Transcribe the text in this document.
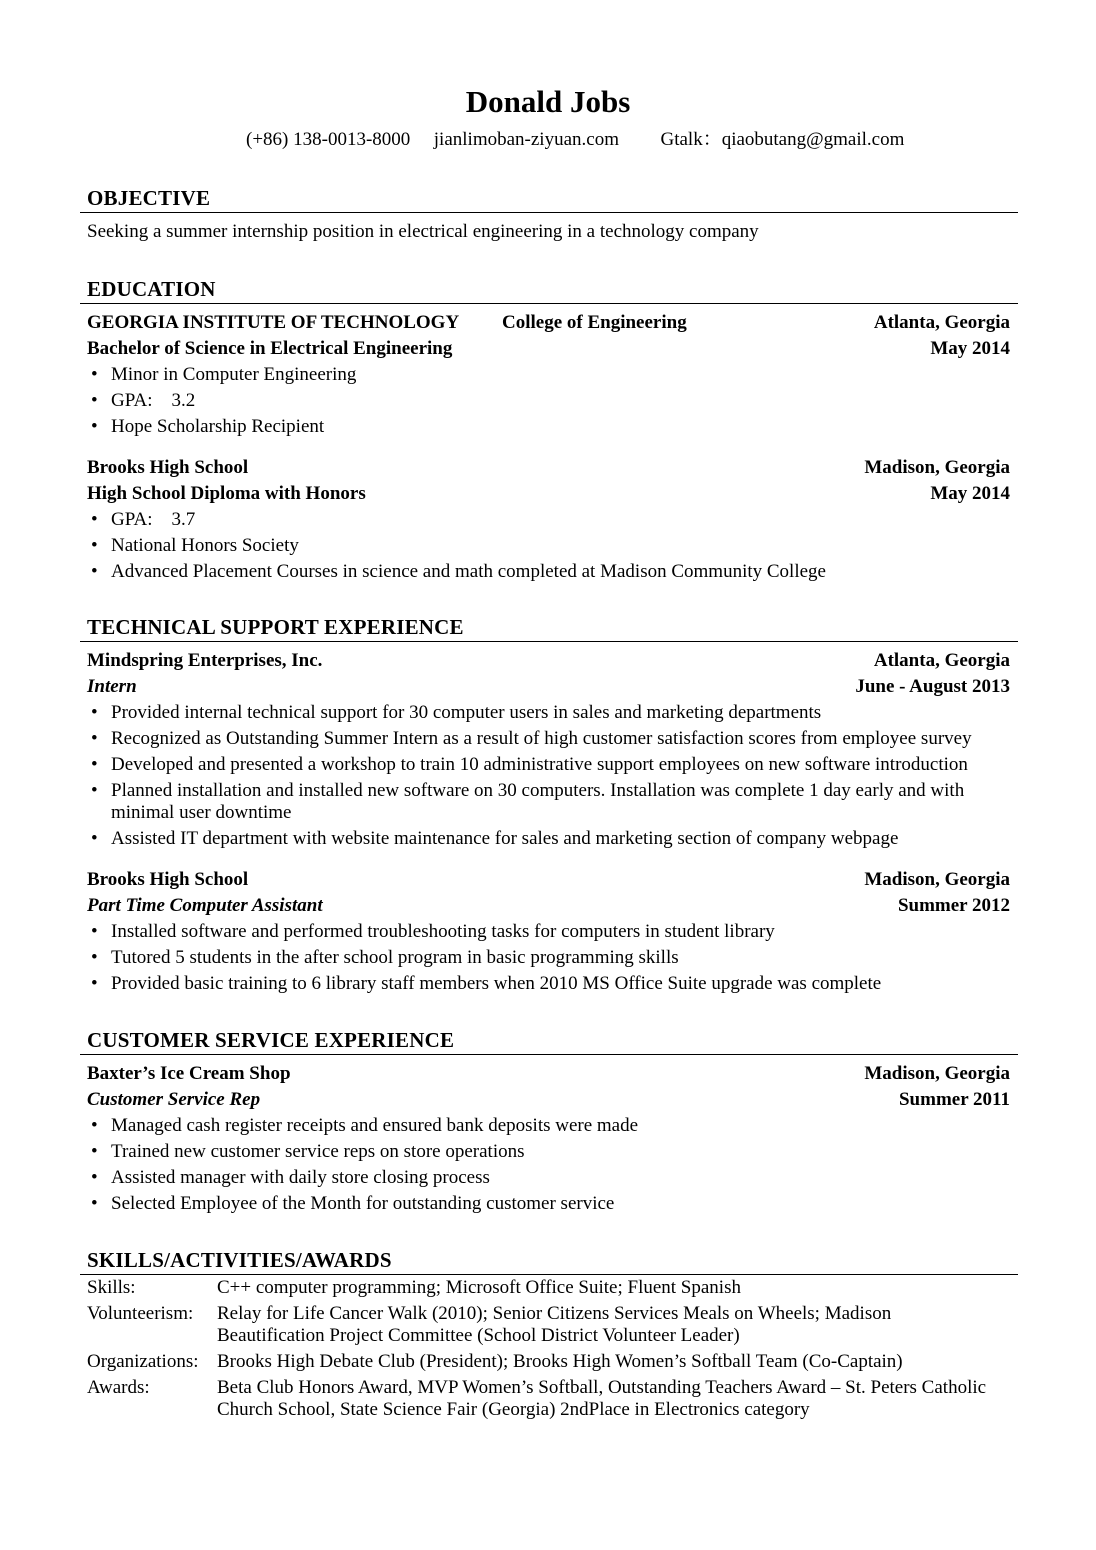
Donald Jobs
(+86) 138-0013-8000 jianlimoban-ziyuan.com Gtalk：qiaobutang@gmail.com
OBJECTIVE
Seeking a summer internship position in electrical engineering in a technology company
EDUCATION
GEORGIA INSTITUTE OF TECHNOLOGY College of Engineering	Atlanta, Georgia
Bachelor of Science in Electrical Engineering	May 2014
• Minor in Computer Engineering
• GPA:    3.2
• Hope Scholarship Recipient
Brooks High School	Madison, Georgia
High School Diploma with Honors	May 2014
• GPA:    3.7
• National Honors Society
• Advanced Placement Courses in science and math completed at Madison Community College
TECHNICAL SUPPORT EXPERIENCE
Mindspring Enterprises, Inc.	Atlanta, Georgia
Intern	June - August 2013
• Provided internal technical support for 30 computer users in sales and marketing departments
• Recognized as Outstanding Summer Intern as a result of high customer satisfaction scores from employee survey
• Developed and presented a workshop to train 10 administrative support employees on new software introduction
• Planned installation and installed new software on 30 computers. Installation was complete 1 day early and with minimal user downtime
• Assisted IT department with website maintenance for sales and marketing section of company webpage
Brooks High School	Madison, Georgia
Part Time Computer Assistant	Summer 2012
• Installed software and performed troubleshooting tasks for computers in student library
• Tutored 5 students in the after school program in basic programming skills
• Provided basic training to 6 library staff members when 2010 MS Office Suite upgrade was complete
CUSTOMER SERVICE EXPERIENCE
Baxter’s Ice Cream Shop	Madison, Georgia
Customer Service Rep	Summer 2011
• Managed cash register receipts and ensured bank deposits were made
• Trained new customer service reps on store operations
• Assisted manager with daily store closing process
• Selected Employee of the Month for outstanding customer service
SKILLS/ACTIVITIES/AWARDS
Skills:	C++ computer programming; Microsoft Office Suite; Fluent Spanish
Volunteerism:	Relay for Life Cancer Walk (2010); Senior Citizens Services Meals on Wheels; Madison Beautification Project Committee (School District Volunteer Leader)
Organizations:	Brooks High Debate Club (President); Brooks High Women’s Softball Team (Co-Captain)
Awards:	Beta Club Honors Award, MVP Women’s Softball, Outstanding Teachers Award – St. Peters Catholic Church School, State Science Fair (Georgia) 2ndPlace in Electronics category
